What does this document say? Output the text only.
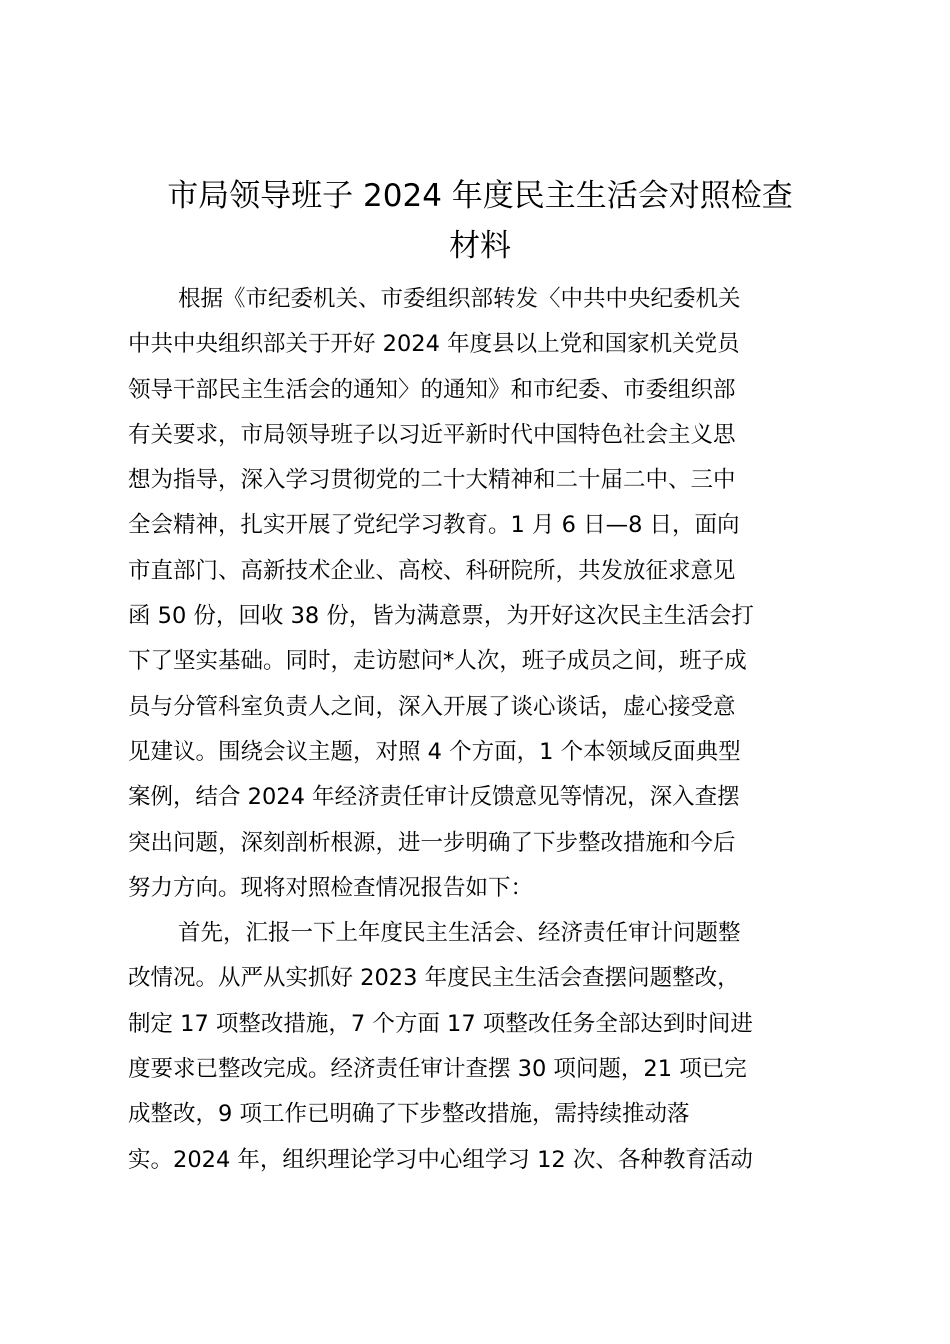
市局领导班子 2024 年度民主生活会对照检查
材料
根据《市纪委机关、市委组织部转发〈中共中央纪委机关
中共中央组织部关于开好 2024 年度县以上党和国家机关党员
领导干部民主生活会的通知〉的通知》和市纪委、市委组织部
有关要求，市局领导班子以习近平新时代中国特色社会主义思
想为指导，深入学习贯彻党的二十大精神和二十届二中、三中
全会精神，扎实开展了党纪学习教育。1 月 6 日—8 日，面向
市直部门、高新技术企业、高校、科研院所，共发放征求意见
函 50 份，回收 38 份，皆为满意票，为开好这次民主生活会打
下了坚实基础。同时，走访慰问*人次，班子成员之间，班子成
员与分管科室负责人之间，深入开展了谈心谈话，虚心接受意
见建议。围绕会议主题，对照 4 个方面，1 个本领域反面典型
案例，结合 2024 年经济责任审计反馈意见等情况，深入查摆
突出问题，深刻剖析根源，进一步明确了下步整改措施和今后
努力方向。现将对照检查情况报告如下：
首先，汇报一下上年度民主生活会、经济责任审计问题整
改情况。从严从实抓好 2023 年度民主生活会查摆问题整改，
制定 17 项整改措施，7 个方面 17 项整改任务全部达到时间进
度要求已整改完成。经济责任审计查摆 30 项问题，21 项已完
成整改，9 项工作已明确了下步整改措施，需持续推动落
实。2024 年，组织理论学习中心组学习 12 次、各种教育活动
